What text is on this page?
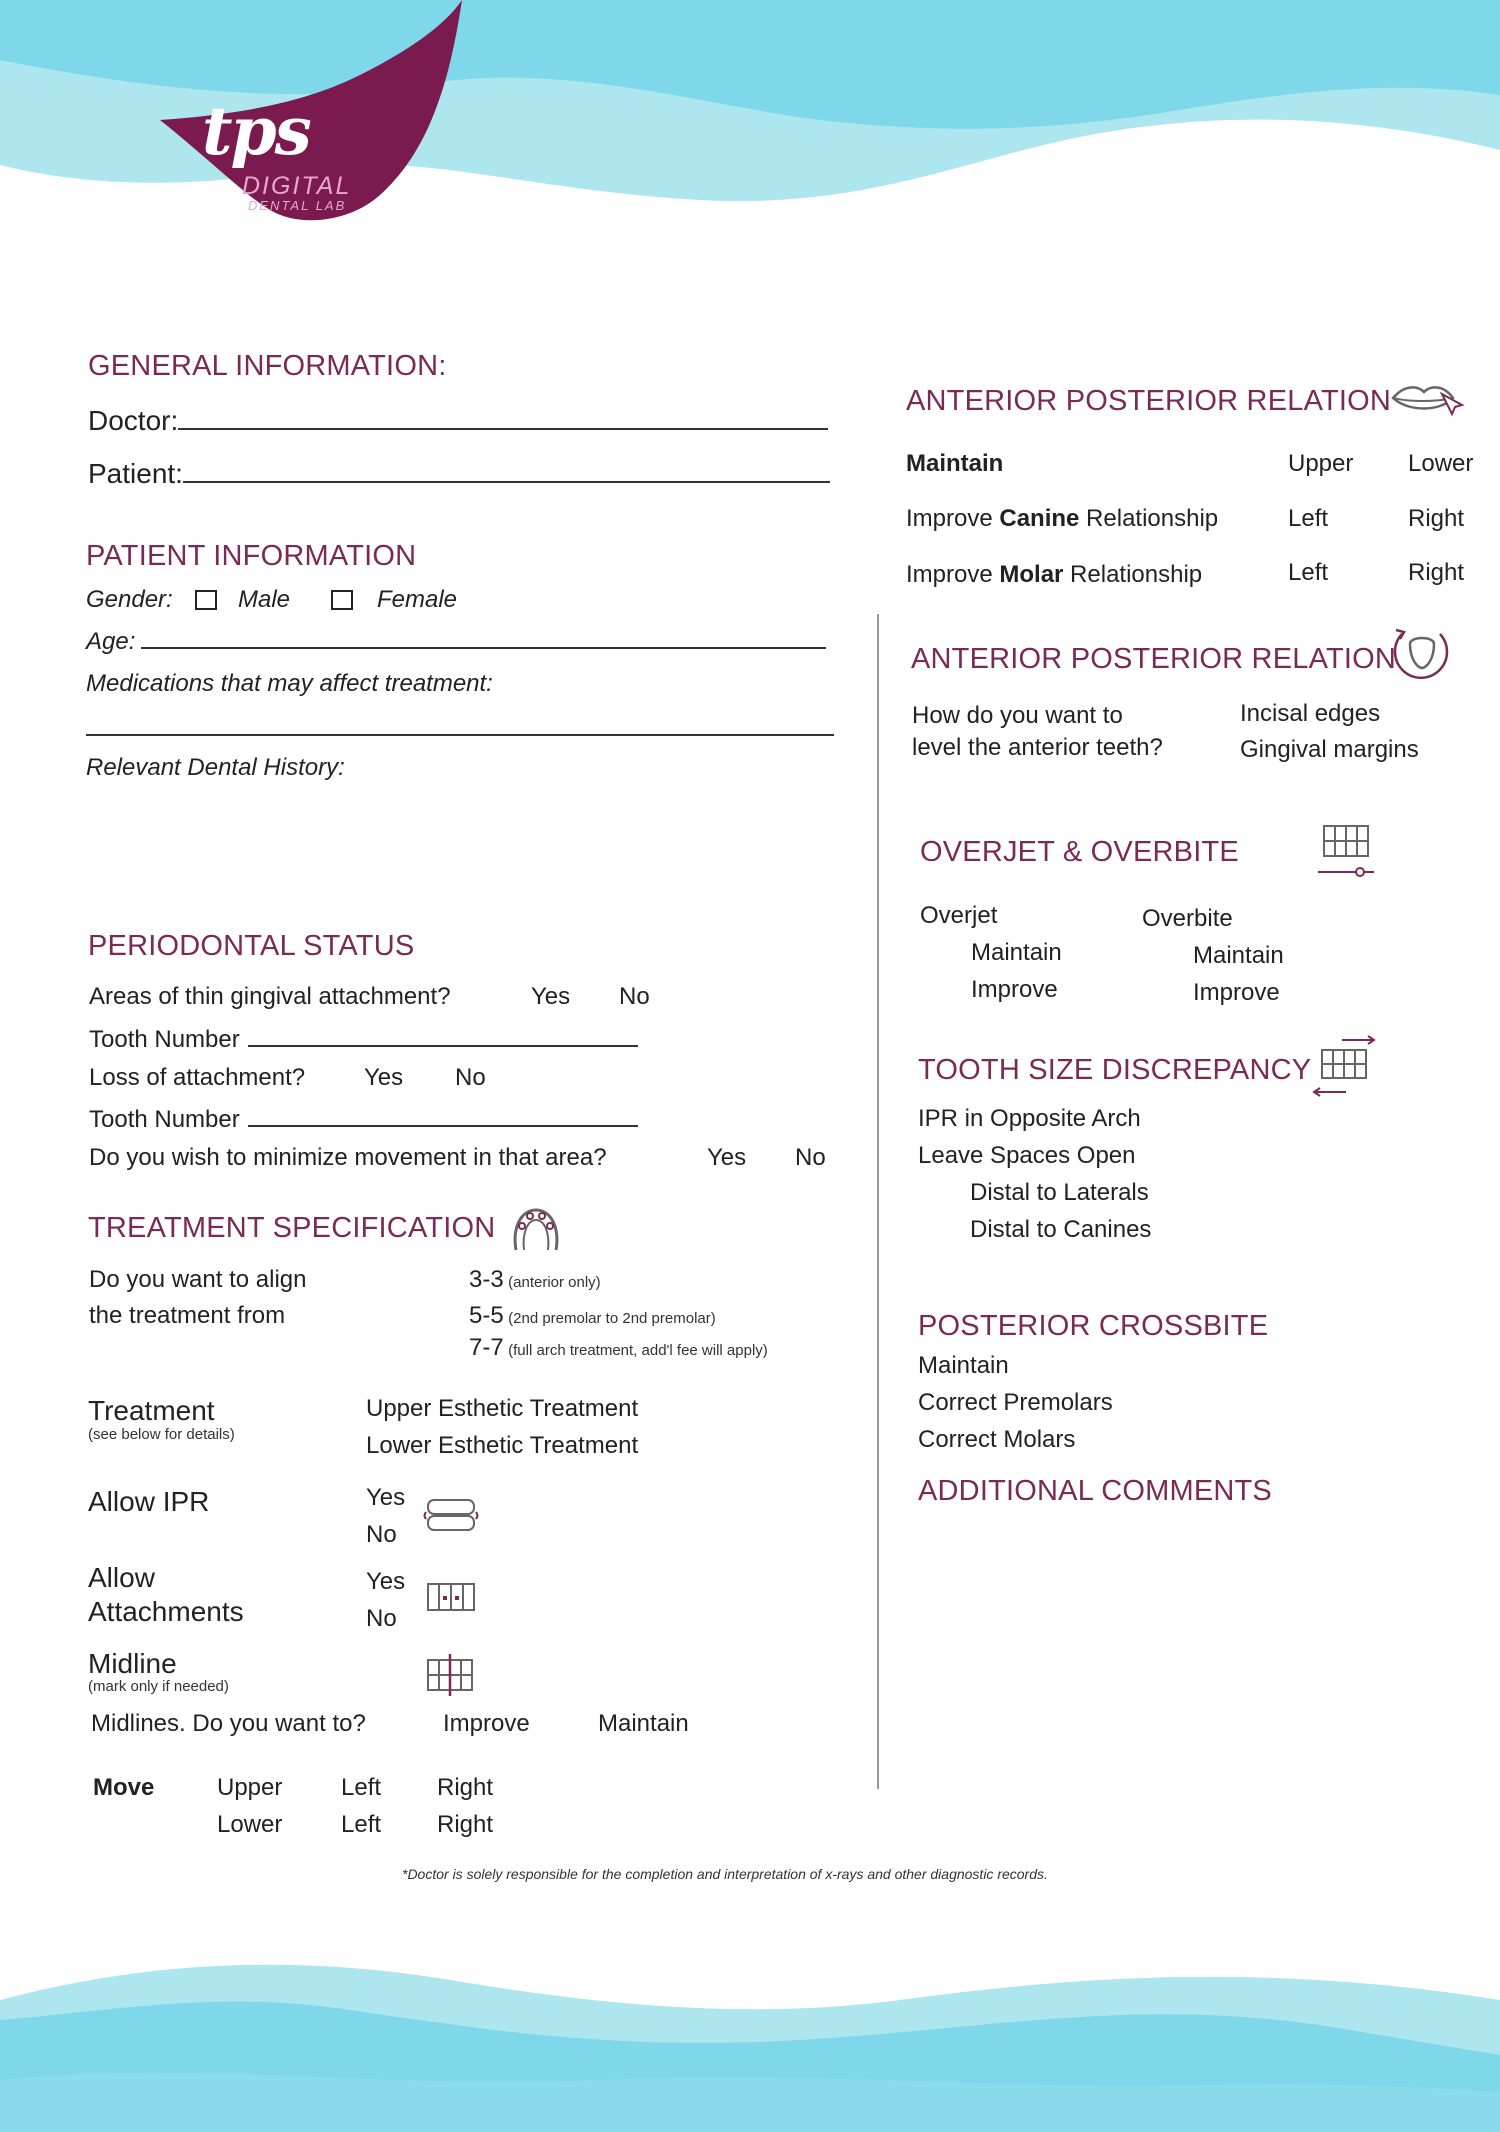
tps
DIGITAL
DENTAL LAB
GENERAL INFORMATION:
Doctor:
Patient:
PATIENT INFORMATION
Gender:	Male	Female
Age:
Medications that may affect treatment:
Relevant Dental History:
PERIODONTAL STATUS
Areas of thin gingival attachment?	Yes No
Tooth Number
Loss of attachment? Yes No
Tooth Number
Do you wish to minimize movement in that area?	Yes No
TREATMENT SPECIFICATION
Do you want to align
the treatment from
3-3 (anterior only)
5-5 (2nd premolar to 2nd premolar)
7-7 (full arch treatment, add'l fee will apply)
Treatment
(see below for details)
Upper Esthetic Treatment
Lower Esthetic Treatment
Allow IPR	Yes
No
Allow
Attachments
Yes
No
Midline
(mark only if needed)
Midlines. Do you want to?	Improve	Maintain
Move	Upper Left Right
Lower Left Right
ANTERIOR POSTERIOR RELATION
Maintain	Upper Lower
Improve Canine Relationship	Left	Right
Improve Molar Relationship	Left	Right
ANTERIOR POSTERIOR RELATION
How do you want to
level the anterior teeth?
Incisal edges
Gingival margins
OVERJET & OVERBITE
Overjet
Maintain
Improve
Overbite
Maintain
Improve
TOOTH SIZE DISCREPANCY
IPR in Opposite Arch
Leave Spaces Open
Distal to Laterals
Distal to Canines
POSTERIOR CROSSBITE
Maintain
Correct Premolars
Correct Molars
ADDITIONAL COMMENTS
*Doctor is solely responsible for the completion and interpretation of x-rays and other diagnostic records.
